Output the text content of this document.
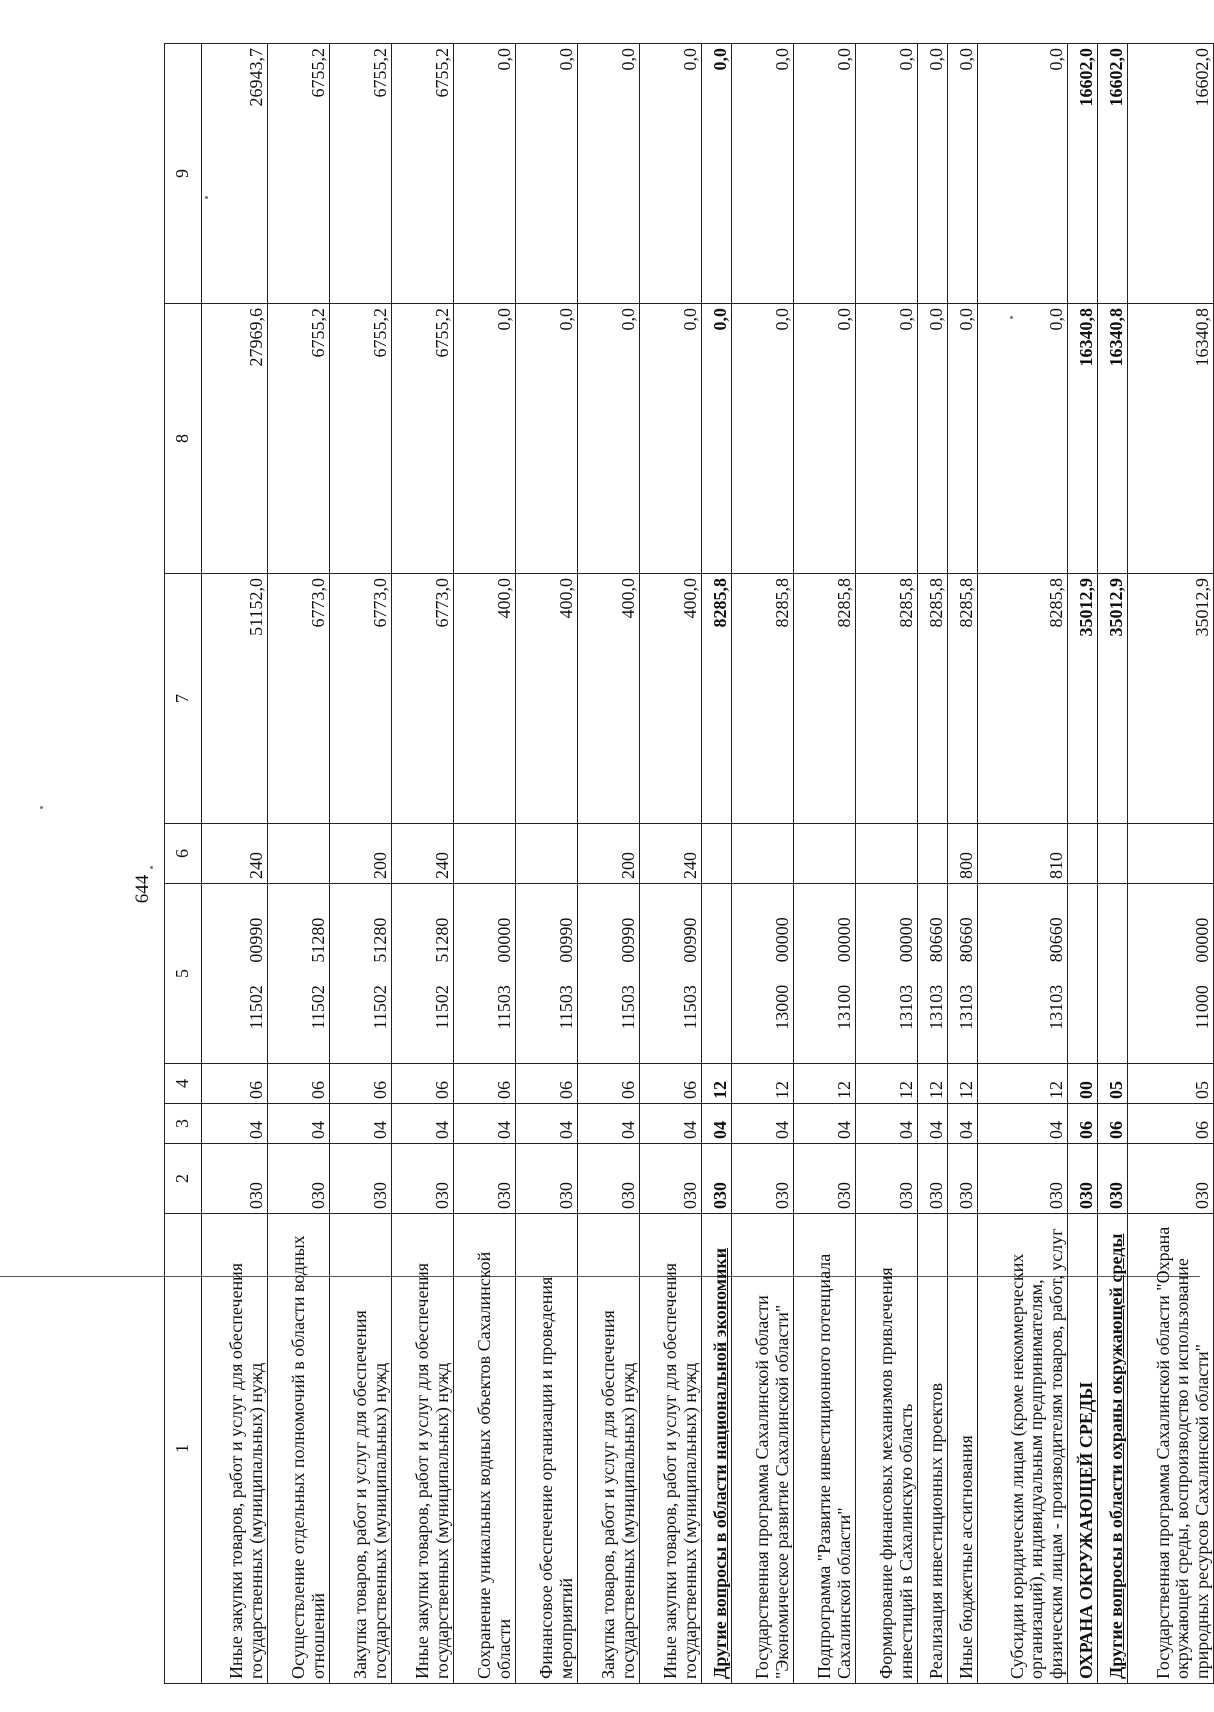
644
1	2	3	4	5	6	7	8	9
Иные закупки товаров, работ и услуг для обеспечения государственных (муниципальных) нужд	030	04	06	11502     00990	240	51152,0	27969,6	26943,7
Осуществление отдельных полномочий в области водных отношений	030	04	06	11502     51280		6773,0	6755,2	6755,2
Закупка товаров, работ и услуг для обеспечения государственных (муниципальных) нужд	030	04	06	11502     51280	200	6773,0	6755,2	6755,2
Иные закупки товаров, работ и услуг для обеспечения государственных (муниципальных) нужд	030	04	06	11502     51280	240	6773,0	6755,2	6755,2
Сохранение уникальных водных объектов Сахалинской области	030	04	06	11503     00000		400,0	0,0	0,0
Финансовое обеспечение организации и проведения мероприятий	030	04	06	11503     00990		400,0	0,0	0,0
Закупка товаров, работ и услуг для обеспечения государственных (муниципальных) нужд	030	04	06	11503     00990	200	400,0	0,0	0,0
Иные закупки товаров, работ и услуг для обеспечения государственных (муниципальных) нужд	030	04	06	11503     00990	240	400,0	0,0	0,0
Другие вопросы в области национальной экономики	030	04	12			8285,8	0,0	0,0
Государственная программа Сахалинской области "Экономическое развитие Сахалинской области"	030	04	12	13000     00000		8285,8	0,0	0,0
Подпрограмма "Развитие инвестиционного потенциала Сахалинской области"	030	04	12	13100     00000		8285,8	0,0	0,0
Формирование финансовых механизмов привлечения инвестиций в Сахалинскую область	030	04	12	13103     00000		8285,8	0,0	0,0
Реализация инвестиционных проектов	030	04	12	13103     80660		8285,8	0,0	0,0
Иные бюджетные ассигнования	030	04	12	13103     80660	800	8285,8	0,0	0,0
Субсидии юридическим лицам (кроме некоммерческих организаций), индивидуальным предпринимателям, физическим лицам - производителям товаров, работ, услуг	030	04	12	13103     80660	810	8285,8	0,0	0,0
ОХРАНА ОКРУЖАЮЩЕЙ СРЕДЫ	030	06	00			35012,9	16340,8	16602,0
Другие вопросы в области охраны окружающей среды	030	06	05			35012,9	16340,8	16602,0
Государственная программа Сахалинской области "Охрана окружающей среды, воспроизводство и использование природных ресурсов Сахалинской области"	030	06	05	11000     00000		35012,9	16340,8	16602,0
